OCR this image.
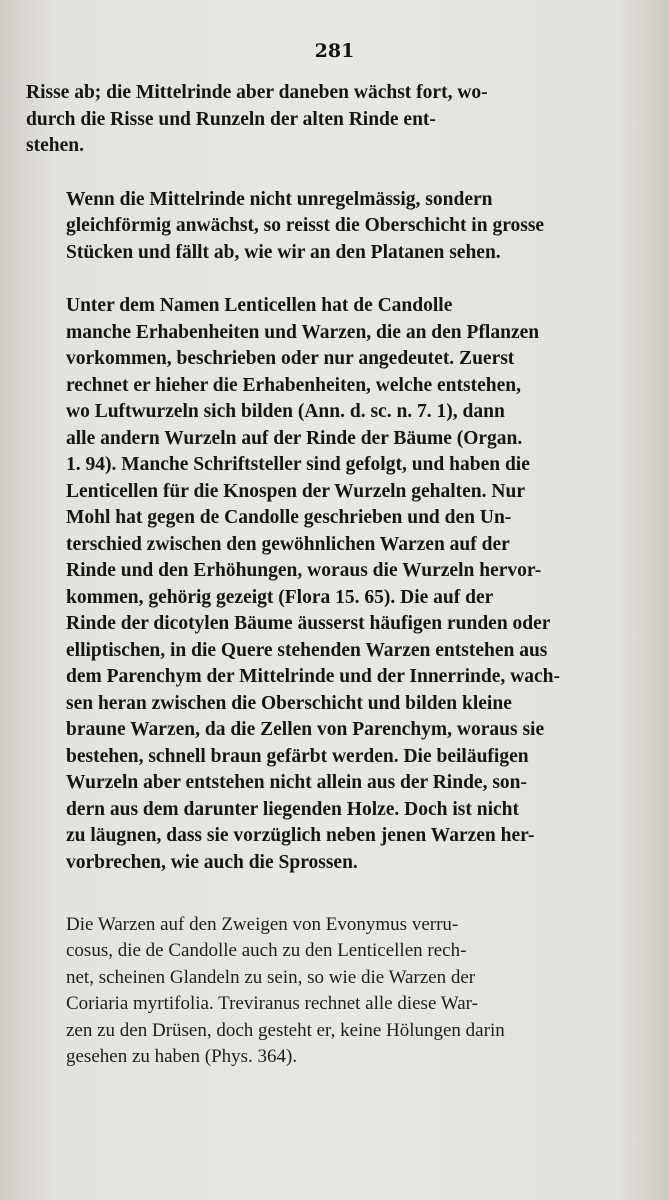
281

Risse ab; die Mittelrinde aber daneben wächst fort, wo-
durch die Risse und Runzeln der alten Rinde ent-
stehen.

Wenn die Mittelrinde nicht unregelmässig, sondern
gleichförmig anwächst, so reisst die Oberschicht in grosse
Stücken und fällt ab, wie wir an den Platanen sehen.

Unter dem Namen Lenticellen hat de Candolle
manche Erhabenheiten und Warzen, die an den Pflanzen
vorkommen, beschrieben oder nur angedeutet. Zuerst
rechnet er hieher die Erhabenheiten, welche entstehen,
wo Luftwurzeln sich bilden (Ann. d. sc. n. 7. 1), dann
alle andern Wurzeln auf der Rinde der Bäume (Organ.
1. 94). Manche Schriftsteller sind gefolgt, und haben die
Lenticellen für die Knospen der Wurzeln gehalten. Nur
Mohl hat gegen de Candolle geschrieben und den Un-
terschied zwischen den gewöhnlichen Warzen auf der
Rinde und den Erhöhungen, woraus die Wurzeln hervor-
kommen, gehörig gezeigt (Flora 15. 65). Die auf der
Rinde der dicotylen Bäume äusserst häufigen runden oder
elliptischen, in die Quere stehenden Warzen entstehen aus
dem Parenchym der Mittelrinde und der Innerrinde, wach-
sen heran zwischen die Oberschicht und bilden kleine
braune Warzen, da die Zellen von Parenchym, woraus sie
bestehen, schnell braun gefärbt werden. Die beiläufigen
Wurzeln aber entstehen nicht allein aus der Rinde, son-
dern aus dem darunter liegenden Holze. Doch ist nicht
zu läugnen, dass sie vorzüglich neben jenen Warzen her-
vorbrechen, wie auch die Sprossen.

Die Warzen auf den Zweigen von Evonymus verru-
cosus, die de Candolle auch zu den Lenticellen rech-
net, scheinen Glandeln zu sein, so wie die Warzen der
Coriaria myrtifolia. Treviranus rechnet alle diese War-
zen zu den Drüsen, doch gesteht er, keine Hölungen darin
gesehen zu haben (Phys. 364).
